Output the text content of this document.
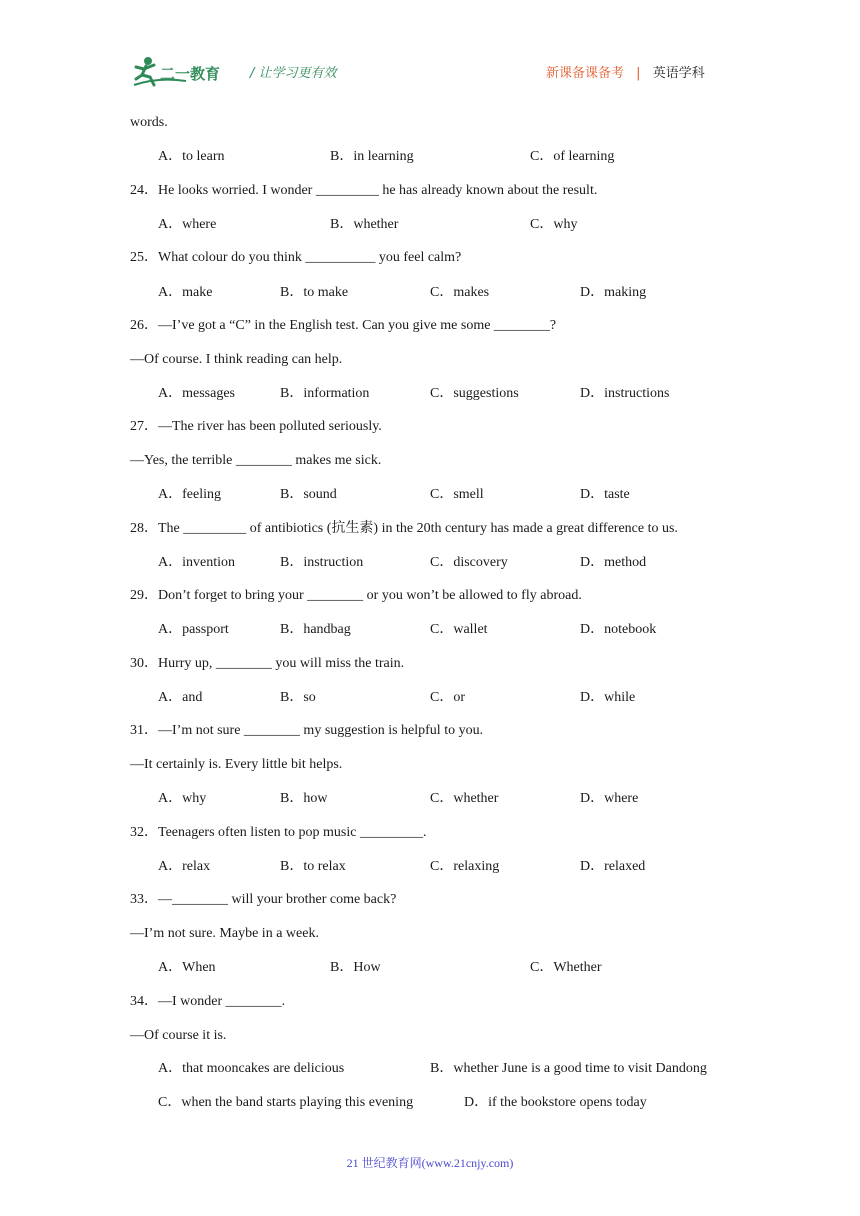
二一教育 / 让学习更有效	新课备课备考 | 英语学科
words.
A．to learn	B．in learning	C．of learning
24．He looks worried. I wonder _________ he has already known about the result.
A．where	B．whether	C．why
25．What colour do you think __________ you feel calm?
A．make	B．to make	C．makes	D．making
26．—I’ve got a “C” in the English test. Can you give me some ________?
—Of course. I think reading can help.
A．messages	B．information	C．suggestions	D．instructions
27．—The river has been polluted seriously.
—Yes, the terrible ________ makes me sick.
A．feeling	B．sound	C．smell	D．taste
28．The _________ of antibiotics (抗生素) in the 20th century has made a great difference to us.
A．invention	B．instruction	C．discovery	D．method
29．Don’t forget to bring your ________ or you won’t be allowed to fly abroad.
A．passport	B．handbag	C．wallet	D．notebook
30．Hurry up, ________ you will miss the train.
A．and	B．so	C．or	D．while
31．—I’m not sure ________ my suggestion is helpful to you.
—It certainly is. Every little bit helps.
A．why	B．how	C．whether	D．where
32．Teenagers often listen to pop music _________.
A．relax	B．to relax	C．relaxing	D．relaxed
33．—________ will your brother come back?
—I’m not sure. Maybe in a week.
A．When	B．How	C．Whether
34．—I wonder ________.
—Of course it is.
A．that mooncakes are delicious	B．whether June is a good time to visit Dandong
C．when the band starts playing this evening	D．if the bookstore opens today
21 世纪教育网(www.21cnjy.com)
